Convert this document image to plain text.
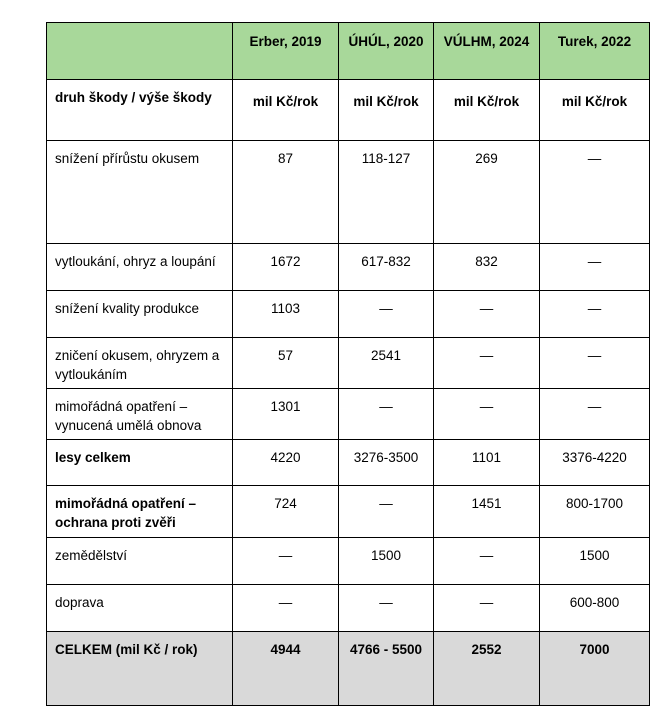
	Erber, 2019	ÚHÚL, 2020	VÚLHM, 2024	Turek, 2022
druh škody / výše škody	mil Kč/rok	mil Kč/rok	mil Kč/rok	mil Kč/rok
snížení přírůstu okusem	87	118-127	269	—
vytloukání, ohryz a loupání	1672	617-832	832	—
snížení kvality produkce	1103	—	—	—
zničení okusem, ohryzem a vytloukáním	57	2541	—	—
mimořádná opatření – vynucená umělá obnova	1301	—	—	—
lesy celkem	4220	3276-3500	1101	3376-4220
mimořádná opatření – ochrana proti zvěři	724	—	1451	800-1700
zemědělství	—	1500	—	1500
doprava	—	—	—	600-800
CELKEM (mil Kč / rok)	4944	4766 - 5500	2552	7000
